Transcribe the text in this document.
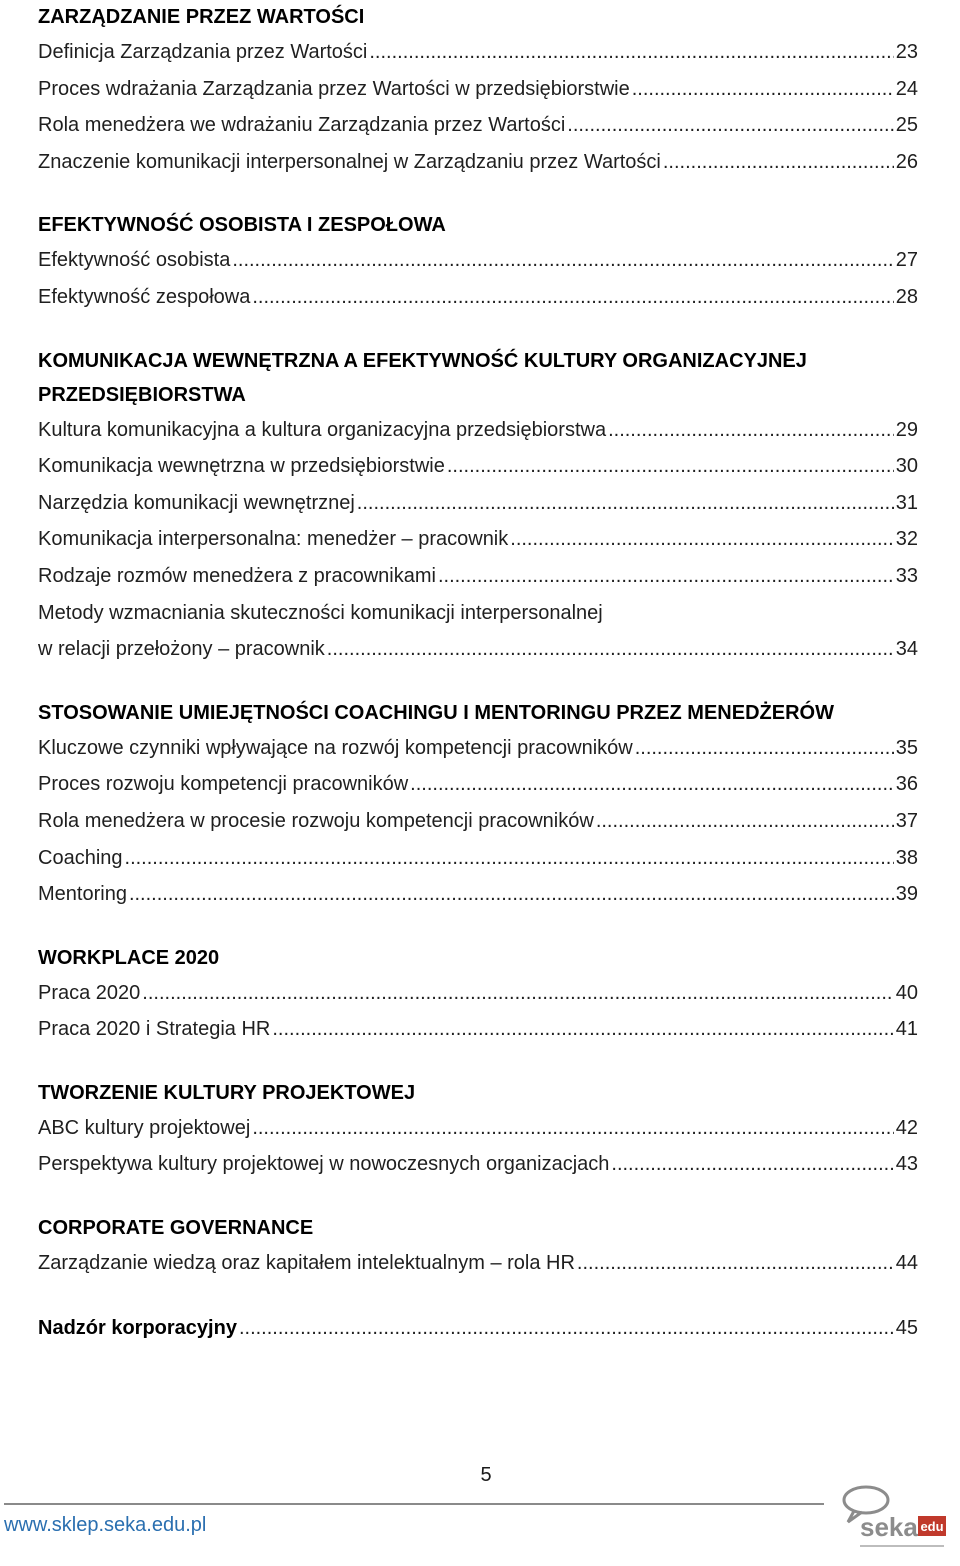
ZARZĄDZANIE PRZEZ WARTOŚCI
Definicja Zarządzania przez Wartości .....	23
Proces wdrażania Zarządzania przez Wartości w przedsiębiorstwie .....	24
Rola menedżera we wdrażaniu Zarządzania przez Wartości .....	25
Znaczenie komunikacji interpersonalnej w Zarządzaniu przez Wartości .....	26
EFEKTYWNOŚĆ OSOBISTA I ZESPOŁOWA
Efektywność osobista .....	27
Efektywność zespołowa .....	28
KOMUNIKACJA WEWNĘTRZNA A EFEKTYWNOŚĆ KULTURY ORGANIZACYJNEJ PRZEDSIĘBIORSTWA
Kultura komunikacyjna a kultura organizacyjna przedsiębiorstwa .....	29
Komunikacja wewnętrzna w przedsiębiorstwie .....	30
Narzędzia komunikacji wewnętrznej .....	31
Komunikacja interpersonalna: menedżer – pracownik .....	32
Rodzaje rozmów menedżera z pracownikami .....	33
Metody wzmacniania skuteczności komunikacji interpersonalnej
w relacji przełożony – pracownik .....	34
STOSOWANIE UMIEJĘTNOŚCI COACHINGU I MENTORINGU PRZEZ MENEDŻERÓW
Kluczowe czynniki wpływające na rozwój kompetencji pracowników .....	35
Proces rozwoju kompetencji pracowników .....	36
Rola menedżera w procesie rozwoju kompetencji pracowników .....	37
Coaching .....	38
Mentoring .....	39
WORKPLACE 2020
Praca 2020 .....	40
Praca 2020 i Strategia HR .....	41
TWORZENIE KULTURY PROJEKTOWEJ
ABC kultury projektowej .....	42
Perspektywa kultury projektowej w nowoczesnych organizacjach .....	43
CORPORATE GOVERNANCE
Zarządzanie wiedzą oraz kapitałem intelektualnym – rola HR .....	44
Nadzór korporacyjny .....	45
5
www.sklep.seka.edu.pl	seka edu
